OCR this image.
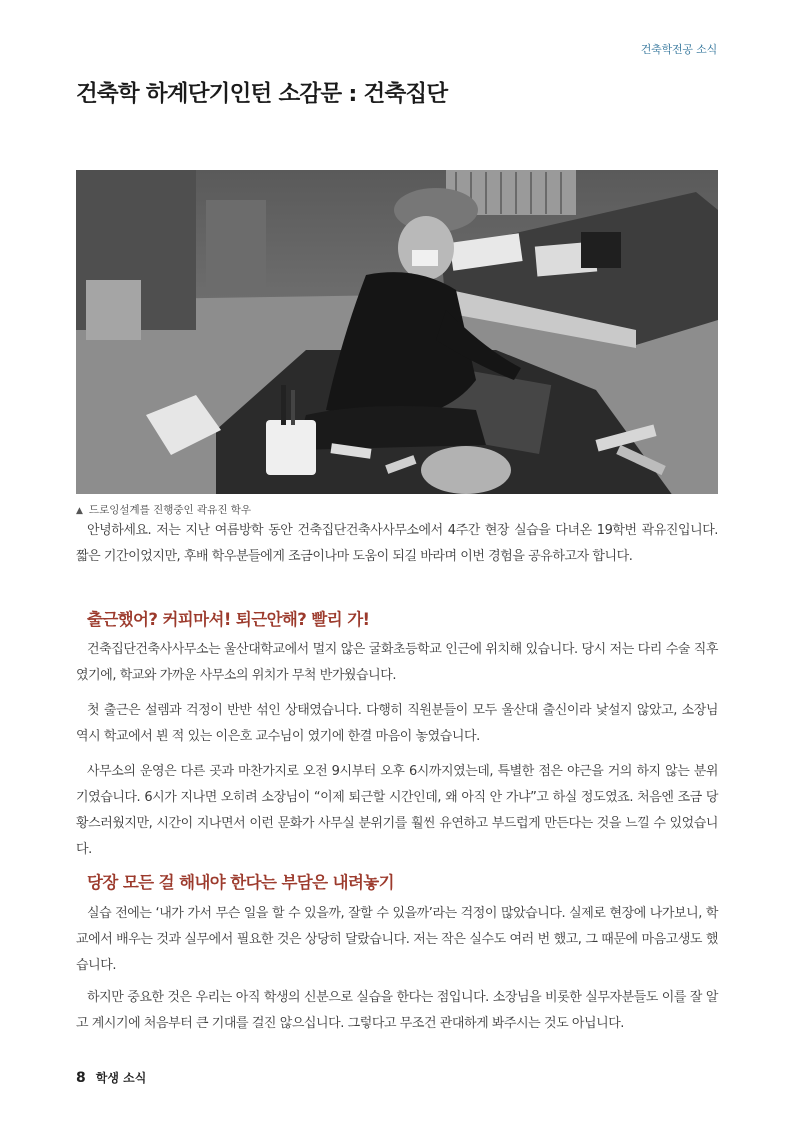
건축학전공 소식
건축학 하계단기인턴 소감문 : 건축집단
▲ 드로잉설계를 진행중인 곽유진 학우

안녕하세요. 저는 지난 여름방학 동안 건축집단건축사사무소에서 4주간 현장 실습을 다녀온 19학번 곽유진입니다. 짧은 기간이었지만, 후배 학우분들에게 조금이나마 도움이 되길 바라며 이번 경험을 공유하고자 합니다.

출근했어? 커피마셔! 퇴근안해? 빨리 가!

건축집단건축사사무소는 울산대학교에서 멀지 않은 굴화초등학교 인근에 위치해 있습니다. 당시 저는 다리 수술 직후였기에, 학교와 가까운 사무소의 위치가 무척 반가웠습니다.

첫 출근은 설렘과 걱정이 반반 섞인 상태였습니다. 다행히 직원분들이 모두 울산대 출신이라 낯설지 않았고, 소장님 역시 학교에서 뵌 적 있는 이은호 교수님이 였기에 한결 마음이 놓였습니다.

사무소의 운영은 다른 곳과 마찬가지로 오전 9시부터 오후 6시까지였는데, 특별한 점은 야근을 거의 하지 않는 분위기였습니다. 6시가 지나면 오히려 소장님이 “이제 퇴근할 시간인데, 왜 아직 안 가냐”고 하실 정도였죠. 처음엔 조금 당황스러웠지만, 시간이 지나면서 이런 문화가 사무실 분위기를 훨씬 유연하고 부드럽게 만든다는 것을 느낄 수 있었습니다.

당장 모든 걸 해내야 한다는 부담은 내려놓기

실습 전에는 ‘내가 가서 무슨 일을 할 수 있을까, 잘할 수 있을까’라는 걱정이 많았습니다. 실제로 현장에 나가보니, 학교에서 배우는 것과 실무에서 필요한 것은 상당히 달랐습니다. 저는 작은 실수도 여러 번 했고, 그 때문에 마음고생도 했습니다.

하지만 중요한 것은 우리는 아직 학생의 신분으로 실습을 한다는 점입니다. 소장님을 비롯한 실무자분들도 이를 잘 알고 계시기에 처음부터 큰 기대를 걸진 않으십니다. 그렇다고 무조건 관대하게 봐주시는 것도 아닙니다.

8 학생 소식
